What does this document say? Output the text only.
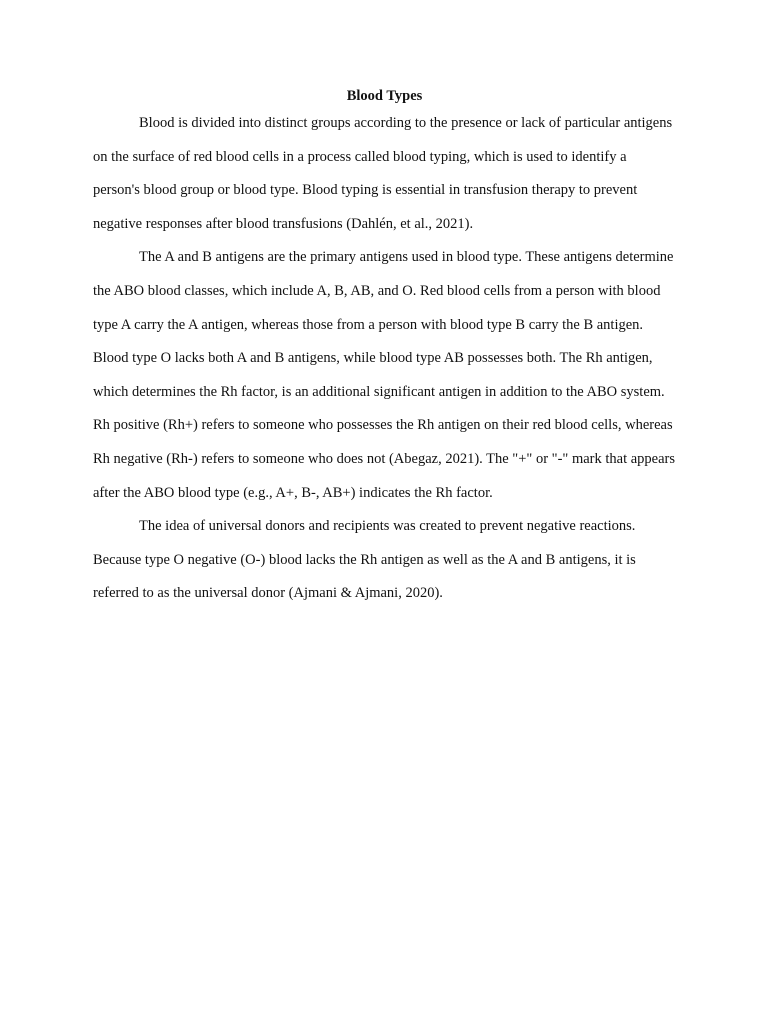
Blood Types

Blood is divided into distinct groups according to the presence or lack of particular antigens on the surface of red blood cells in a process called blood typing, which is used to identify a person's blood group or blood type. Blood typing is essential in transfusion therapy to prevent negative responses after blood transfusions (Dahlén, et al., 2021).

The A and B antigens are the primary antigens used in blood type. These antigens determine the ABO blood classes, which include A, B, AB, and O. Red blood cells from a person with blood type A carry the A antigen, whereas those from a person with blood type B carry the B antigen. Blood type O lacks both A and B antigens, while blood type AB possesses both. The Rh antigen, which determines the Rh factor, is an additional significant antigen in addition to the ABO system. Rh positive (Rh+) refers to someone who possesses the Rh antigen on their red blood cells, whereas Rh negative (Rh-) refers to someone who does not (Abegaz, 2021). The "+" or "-" mark that appears after the ABO blood type (e.g., A+, B-, AB+) indicates the Rh factor.

The idea of universal donors and recipients was created to prevent negative reactions. Because type O negative (O-) blood lacks the Rh antigen as well as the A and B antigens, it is referred to as the universal donor (Ajmani & Ajmani, 2020).
